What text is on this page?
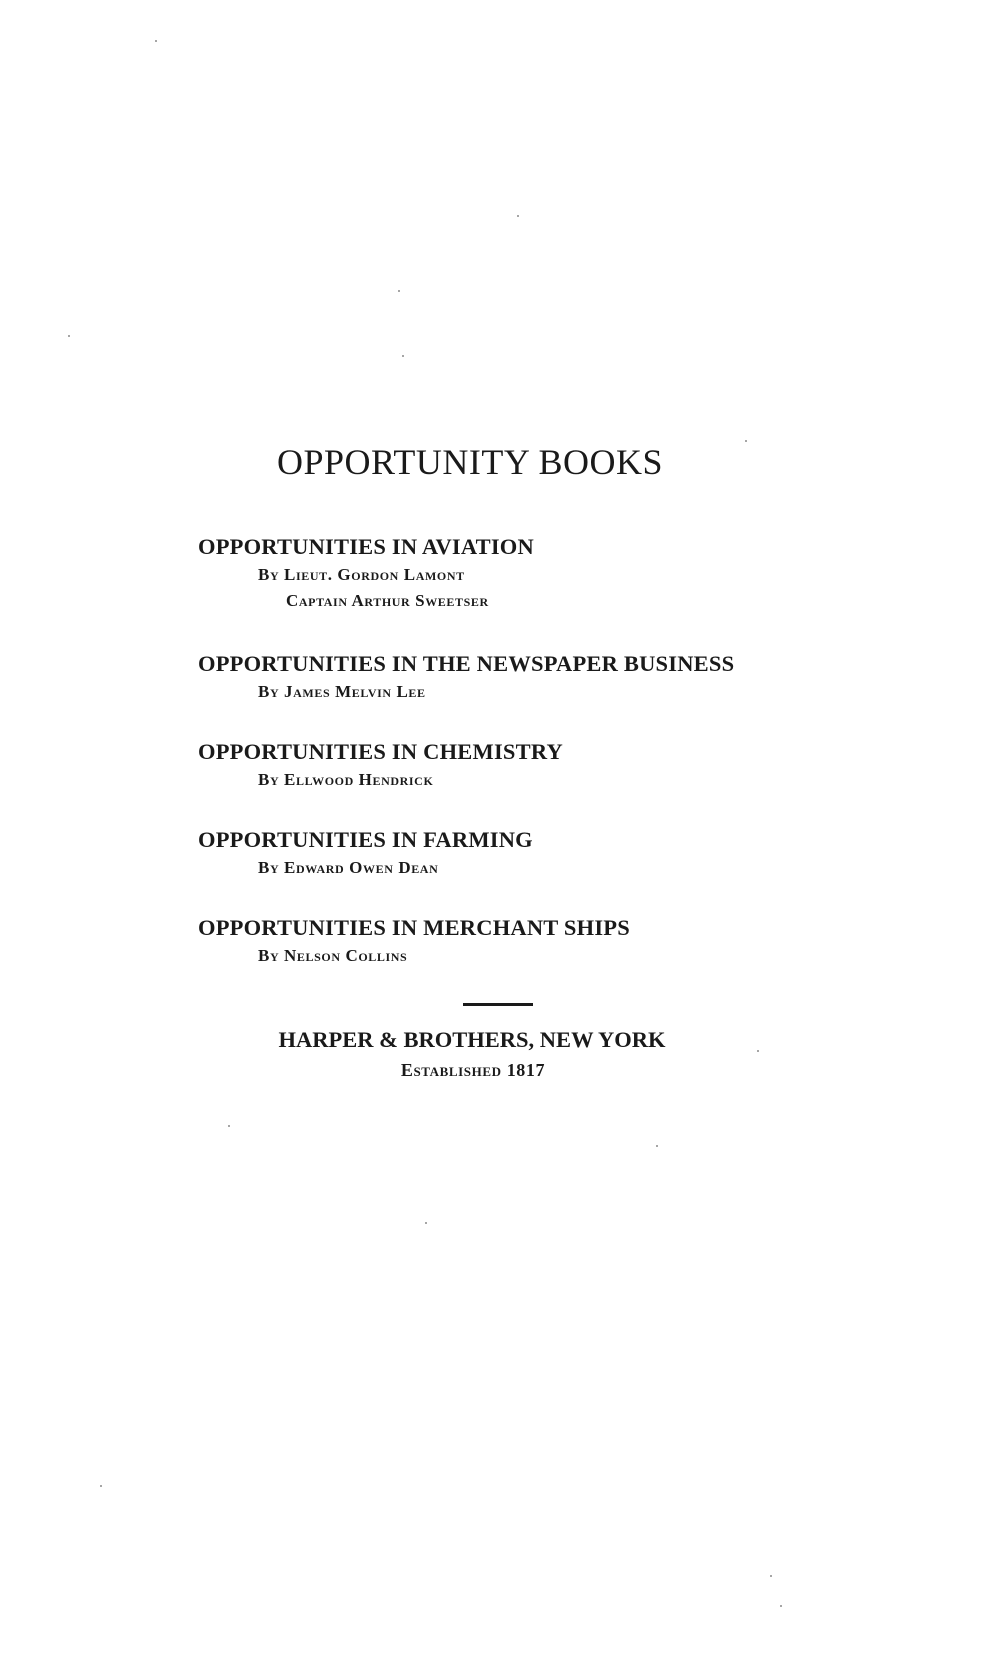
OPPORTUNITY BOOKS
OPPORTUNITIES IN AVIATION
By Lieut. Gordon Lamont
Captain Arthur Sweetser
OPPORTUNITIES IN THE NEWSPAPER BUSINESS
By James Melvin Lee
OPPORTUNITIES IN CHEMISTRY
By Ellwood Hendrick
OPPORTUNITIES IN FARMING
By Edward Owen Dean
OPPORTUNITIES IN MERCHANT SHIPS
By Nelson Collins
HARPER & BROTHERS, NEW YORK
Established 1817
